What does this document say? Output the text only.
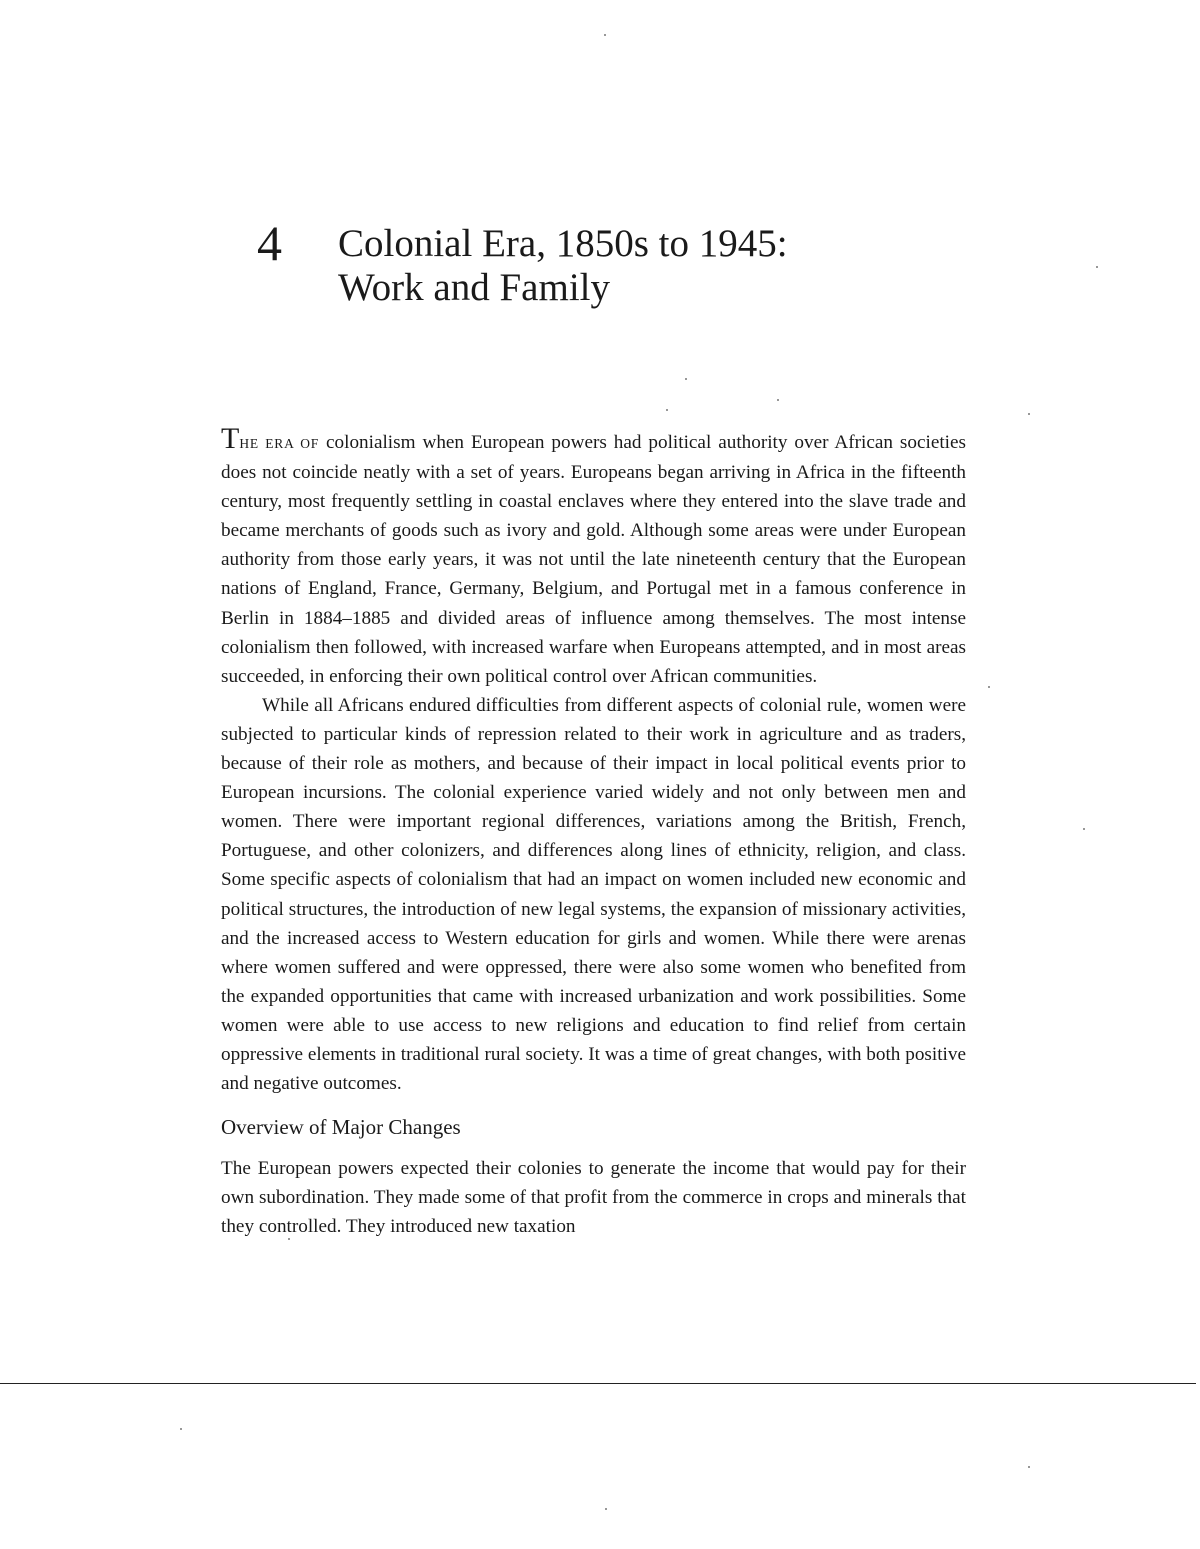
4 Colonial Era, 1850s to 1945:
Work and Family

THE ERA OF colonialism when European powers had political authority over African societies does not coincide neatly with a set of years. Europeans began arriving in Africa in the fifteenth century, most frequently settling in coastal enclaves where they entered into the slave trade and became merchants of goods such as ivory and gold. Although some areas were under European authority from those early years, it was not until the late nineteenth century that the European nations of England, France, Germany, Belgium, and Portugal met in a famous conference in Berlin in 1884–1885 and divided areas of influence among themselves. The most intense colonialism then followed, with increased warfare when Europeans attempted, and in most areas succeeded, in enforcing their own political control over African communities.

While all Africans endured difficulties from different aspects of colonial rule, women were subjected to particular kinds of repression related to their work in agriculture and as traders, because of their role as mothers, and because of their impact in local political events prior to European incursions. The colonial experience varied widely and not only between men and women. There were important regional differences, variations among the British, French, Portuguese, and other colonizers, and differences along lines of ethnicity, religion, and class. Some specific aspects of colonialism that had an impact on women included new economic and political structures, the introduction of new legal systems, the expansion of missionary activities, and the increased access to Western education for girls and women. While there were arenas where women suffered and were oppressed, there were also some women who benefited from the expanded opportunities that came with increased urbanization and work possibilities. Some women were able to use access to new religions and education to find relief from certain oppressive elements in traditional rural society. It was a time of great changes, with both positive and negative outcomes.

Overview of Major Changes

The European powers expected their colonies to generate the income that would pay for their own subordination. They made some of that profit from the commerce in crops and minerals that they controlled. They introduced new taxation
